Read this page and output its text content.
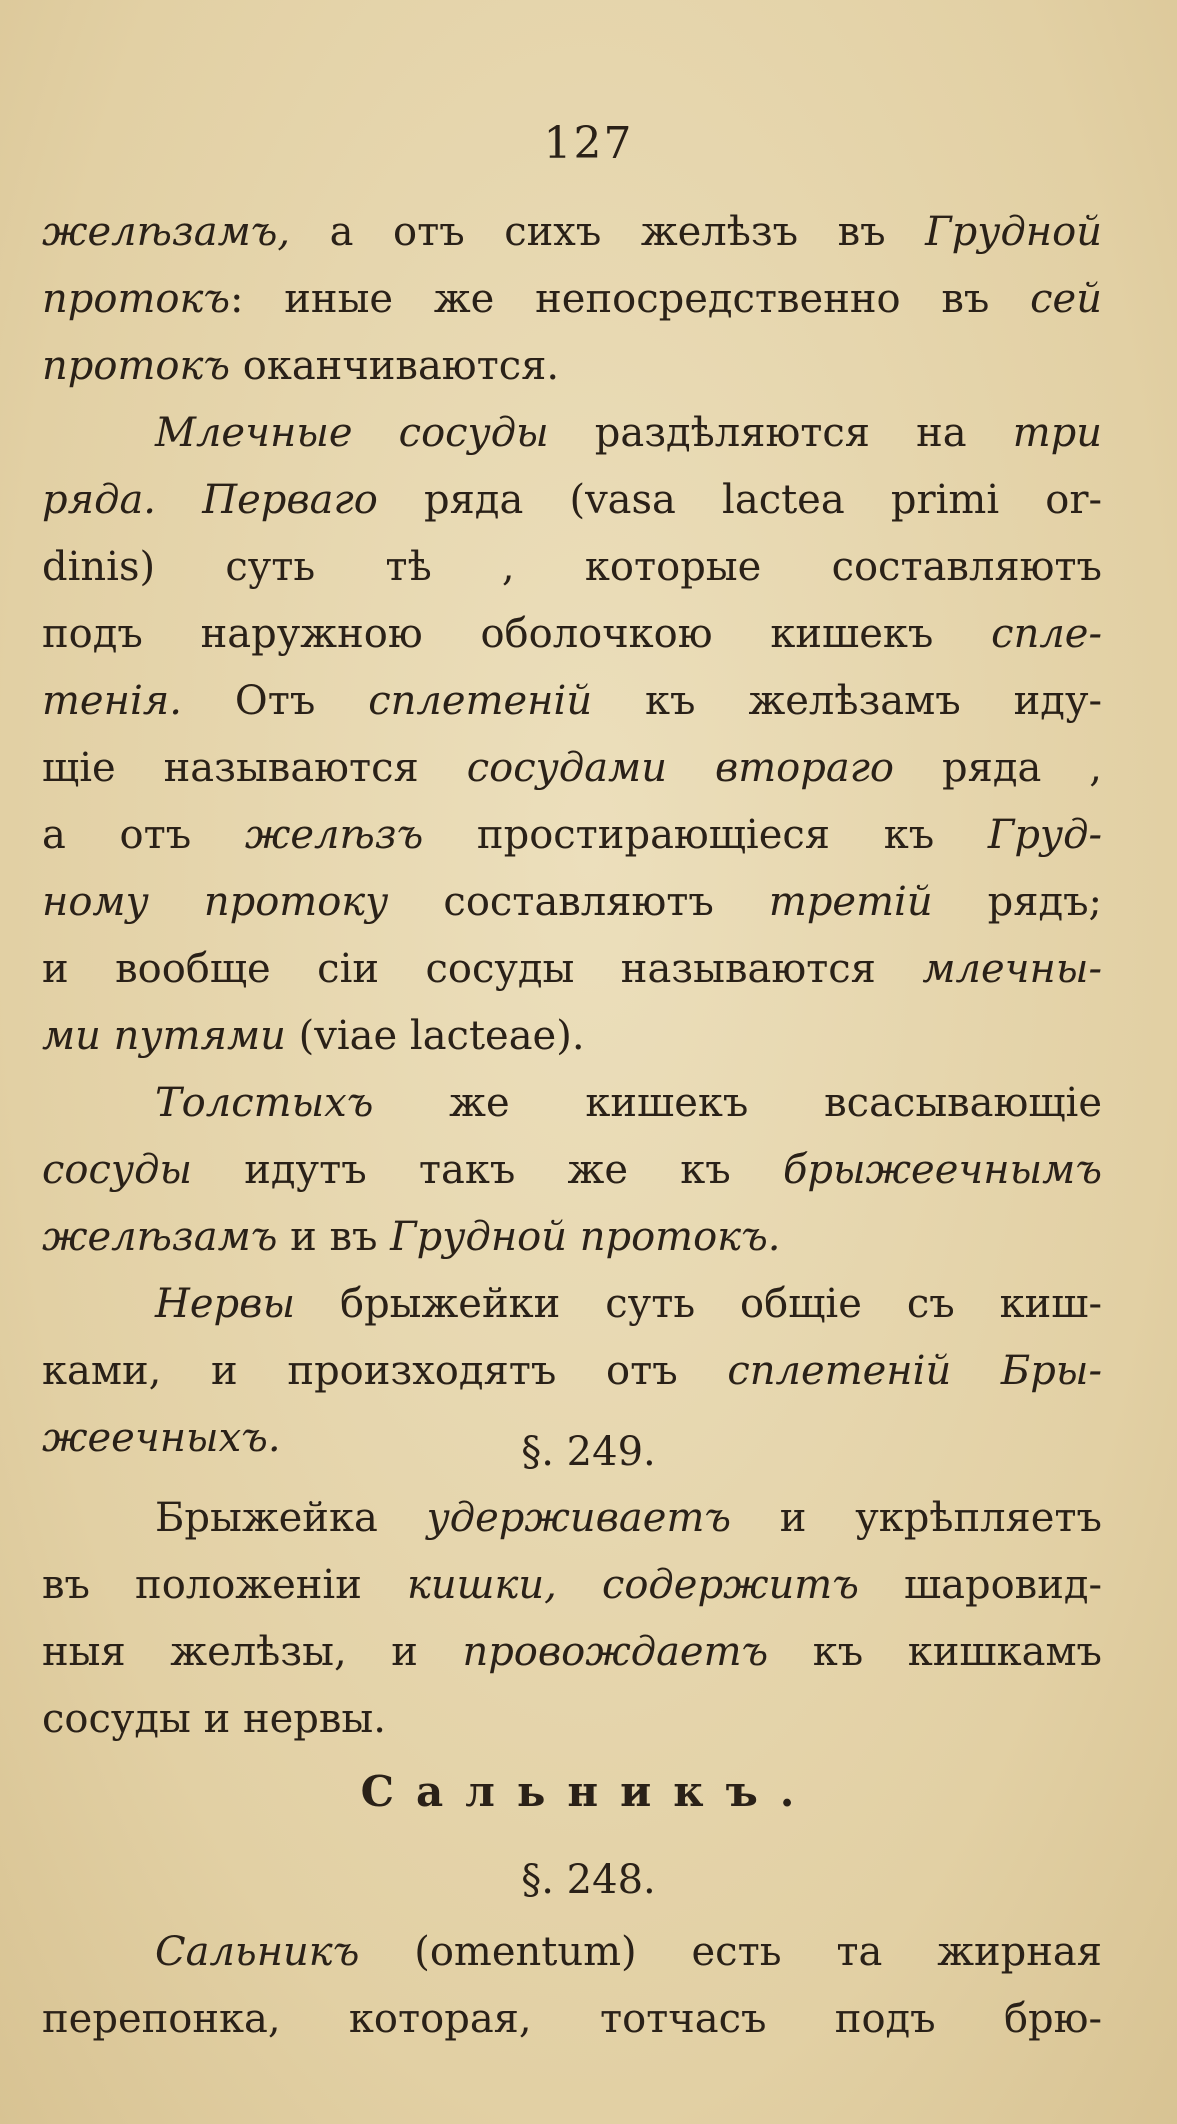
127
желѣзамъ, а отъ сихъ желѣзъ въ Грудной
протокъ: иные же непосредственно въ сей
протокъ оканчиваются.
Млечные сосуды раздѣляются на три
ряда. Перваго ряда (vasa lactea primi or-
dinis) суть тѣ , которые составляютъ
подъ наружною оболочкою кишекъ спле-
тенія. Отъ сплетеній къ желѣзамъ иду-
щіе называются сосудами втораго ряда ,
а отъ желѣзъ простирающіеся къ Груд-
ному протоку составляютъ третій рядъ;
и вообще сіи сосуды называются млечны-
ми путями (viae lacteae).
Толстыхъ же кишекъ всасывающіе
сосуды идутъ такъ же къ брыжеечнымъ
желѣзамъ и въ Грудной протокъ.
Нервы брыжейки суть общіе съ киш-
ками, и произходятъ отъ сплетеній Бры-
жеечныхъ.	§. 249.
Брыжейка удерживаетъ и укрѣпляетъ
въ положеніи кишки, содержитъ шаровид-
ныя желѣзы, и провождаетъ къ кишкамъ
сосуды и нервы.
Сальникъ.
§. 248.
Сальникъ (omentum) есть та жирная
перепонка, которая, тотчасъ подъ брю-
